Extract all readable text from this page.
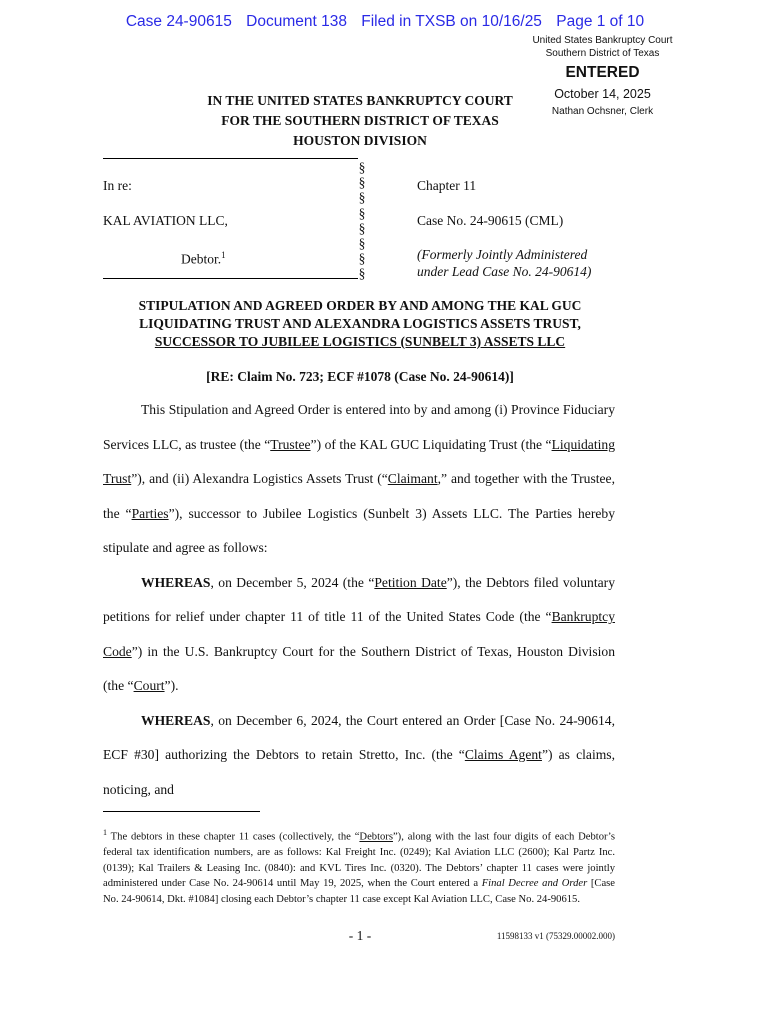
Case 24-90615 Document 138 Filed in TXSB on 10/16/25 Page 1 of 10
United States Bankruptcy Court
Southern District of Texas
ENTERED
October 14, 2025
Nathan Ochsner, Clerk
IN THE UNITED STATES BANKRUPTCY COURT
FOR THE SOUTHERN DISTRICT OF TEXAS
HOUSTON DIVISION
§
§
§
§
§
§
§
§
In re:
KAL AVIATION LLC,
Debtor.$^1$
Chapter 11
Case No. 24-90615 (CML)
(Formerly Jointly Administered
under Lead Case No. 24-90614)
STIPULATION AND AGREED ORDER BY AND AMONG THE KAL GUC
LIQUIDATING TRUST AND ALEXANDRA LOGISTICS ASSETS TRUST,
SUCCESSOR TO JUBILEE LOGISTICS (SUNBELT 3) ASSETS LLC
[RE: Claim No. 723; ECF #1078 (Case No. 24-90614)]

This Stipulation and Agreed Order is entered into by and among (i) Province Fiduciary Services LLC, as trustee (the “Trustee”) of the KAL GUC Liquidating Trust (the “Liquidating Trust”), and (ii) Alexandra Logistics Assets Trust (“Claimant,” and together with the Trustee, the “Parties”), successor to Jubilee Logistics (Sunbelt 3) Assets LLC. The Parties hereby stipulate and agree as follows:

WHEREAS, on December 5, 2024 (the “Petition Date”), the Debtors filed voluntary petitions for relief under chapter 11 of title 11 of the United States Code (the “Bankruptcy Code”) in the U.S. Bankruptcy Court for the Southern District of Texas, Houston Division (the “Court”).

WHEREAS, on December 6, 2024, the Court entered an Order [Case No. 24-90614, ECF #30] authorizing the Debtors to retain Stretto, Inc. (the “Claims Agent”) as claims, noticing, and

$^1$ The debtors in these chapter 11 cases (collectively, the “Debtors”), along with the last four digits of each Debtor’s federal tax identification numbers, are as follows: Kal Freight Inc. (0249); Kal Aviation LLC (2600); Kal Partz Inc. (0139); Kal Trailers & Leasing Inc. (0840): and KVL Tires Inc. (0320). The Debtors’ chapter 11 cases were jointly administered under Case No. 24-90614 until May 19, 2025, when the Court entered a Final Decree and Order [Case No. 24-90614, Dkt. #1084] closing each Debtor’s chapter 11 case except Kal Aviation LLC, Case No. 24-90615.
- 1 -	11598133 v1 (75329.00002.000)
